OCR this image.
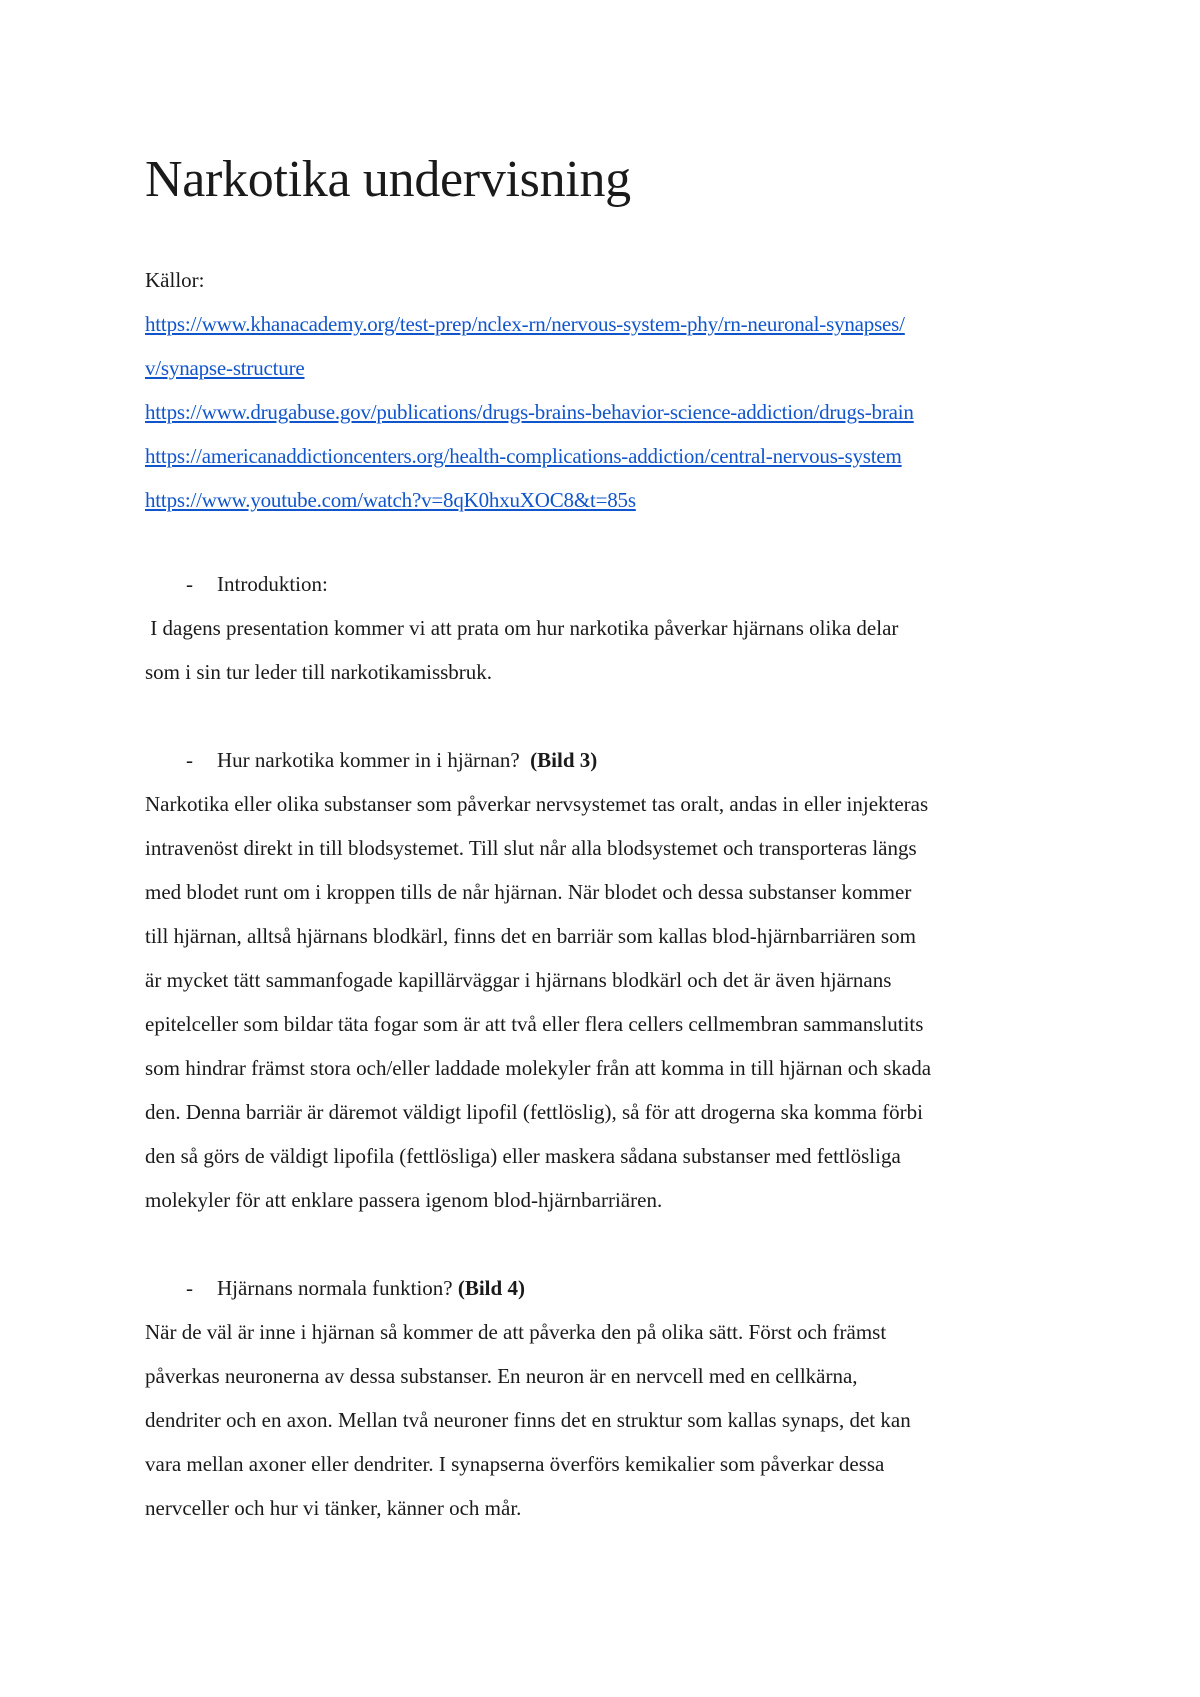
Narkotika undervisning
Källor:
https://www.khanacademy.org/test-prep/nclex-rn/nervous-system-phy/rn-neuronal-synapses/
v/synapse-structure
https://www.drugabuse.gov/publications/drugs-brains-behavior-science-addiction/drugs-brain
https://americanaddictioncenters.org/health-complications-addiction/central-nervous-system
https://www.youtube.com/watch?v=8qK0hxuXOC8&t=85s
- Introduktion:

I dagens presentation kommer vi att prata om hur narkotika påverkar hjärnans olika delar
som i sin tur leder till narkotikamissbruk.

- Hur narkotika kommer in i hjärnan? (Bild 3)

Narkotika eller olika substanser som påverkar nervsystemet tas oralt, andas in eller injekteras
intravenöst direkt in till blodsystemet. Till slut når alla blodsystemet och transporteras längs
med blodet runt om i kroppen tills de når hjärnan. När blodet och dessa substanser kommer
till hjärnan, alltså hjärnans blodkärl, finns det en barriär som kallas blod-hjärnbarriären som
är mycket tätt sammanfogade kapillärväggar i hjärnans blodkärl och det är även hjärnans
epitelceller som bildar täta fogar som är att två eller flera cellers cellmembran sammanslutits
som hindrar främst stora och/eller laddade molekyler från att komma in till hjärnan och skada
den. Denna barriär är däremot väldigt lipofil (fettlöslig), så för att drogerna ska komma förbi
den så görs de väldigt lipofila (fettlösliga) eller maskera sådana substanser med fettlösliga
molekyler för att enklare passera igenom blod-hjärnbarriären.

- Hjärnans normala funktion? (Bild 4)

När de väl är inne i hjärnan så kommer de att påverka den på olika sätt. Först och främst
påverkas neuronerna av dessa substanser. En neuron är en nervcell med en cellkärna,
dendriter och en axon. Mellan två neuroner finns det en struktur som kallas synaps, det kan
vara mellan axoner eller dendriter. I synapserna överförs kemikalier som påverkar dessa
nervceller och hur vi tänker, känner och mår.
